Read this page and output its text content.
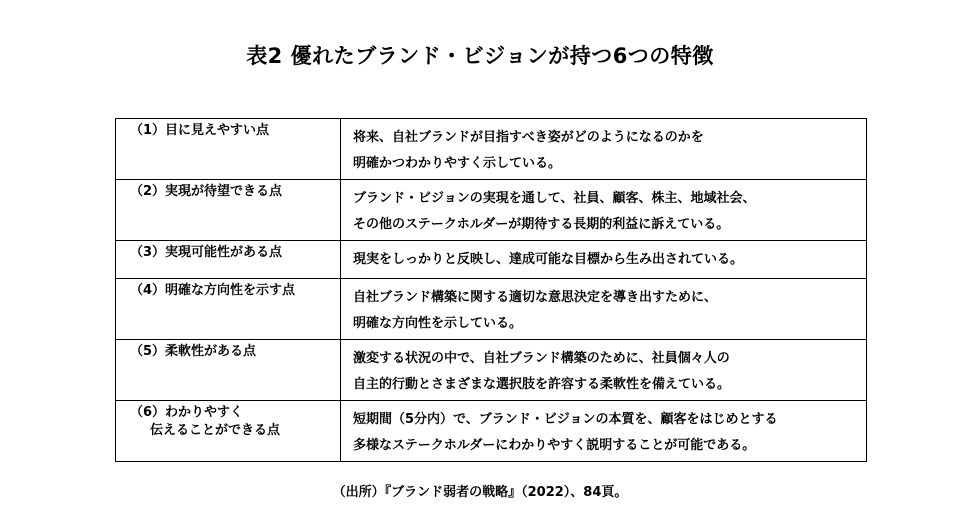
表2 優れたブランド・ビジョンが持つ6つの特徴
（1）目に見えやすい点	将来、自社ブランドが目指すべき姿がどのようになるのかを
明確かつわかりやすく示している。

（2）実現が待望できる点	ブランド・ビジョンの実現を通して、社員、顧客、株主、地域社会、
その他のステークホルダーが期待する長期的利益に訴えている。

（3）実現可能性がある点	現実をしっかりと反映し、達成可能な目標から生み出されている。

（4）明確な方向性を示す点	自社ブランド構築に関する適切な意思決定を導き出すために、
明確な方向性を示している。

（5）柔軟性がある点	激変する状況の中で、自社ブランド構築のために、社員個々人の
自主的行動とさまざまな選択肢を許容する柔軟性を備えている。

（6）わかりやすく
伝えることができる点	短期間（5分内）で、ブランド・ビジョンの本質を、顧客をはじめとする
多様なステークホルダーにわかりやすく説明することが可能である。
（出所）『ブランド弱者の戦略』（2022）、84頁。
